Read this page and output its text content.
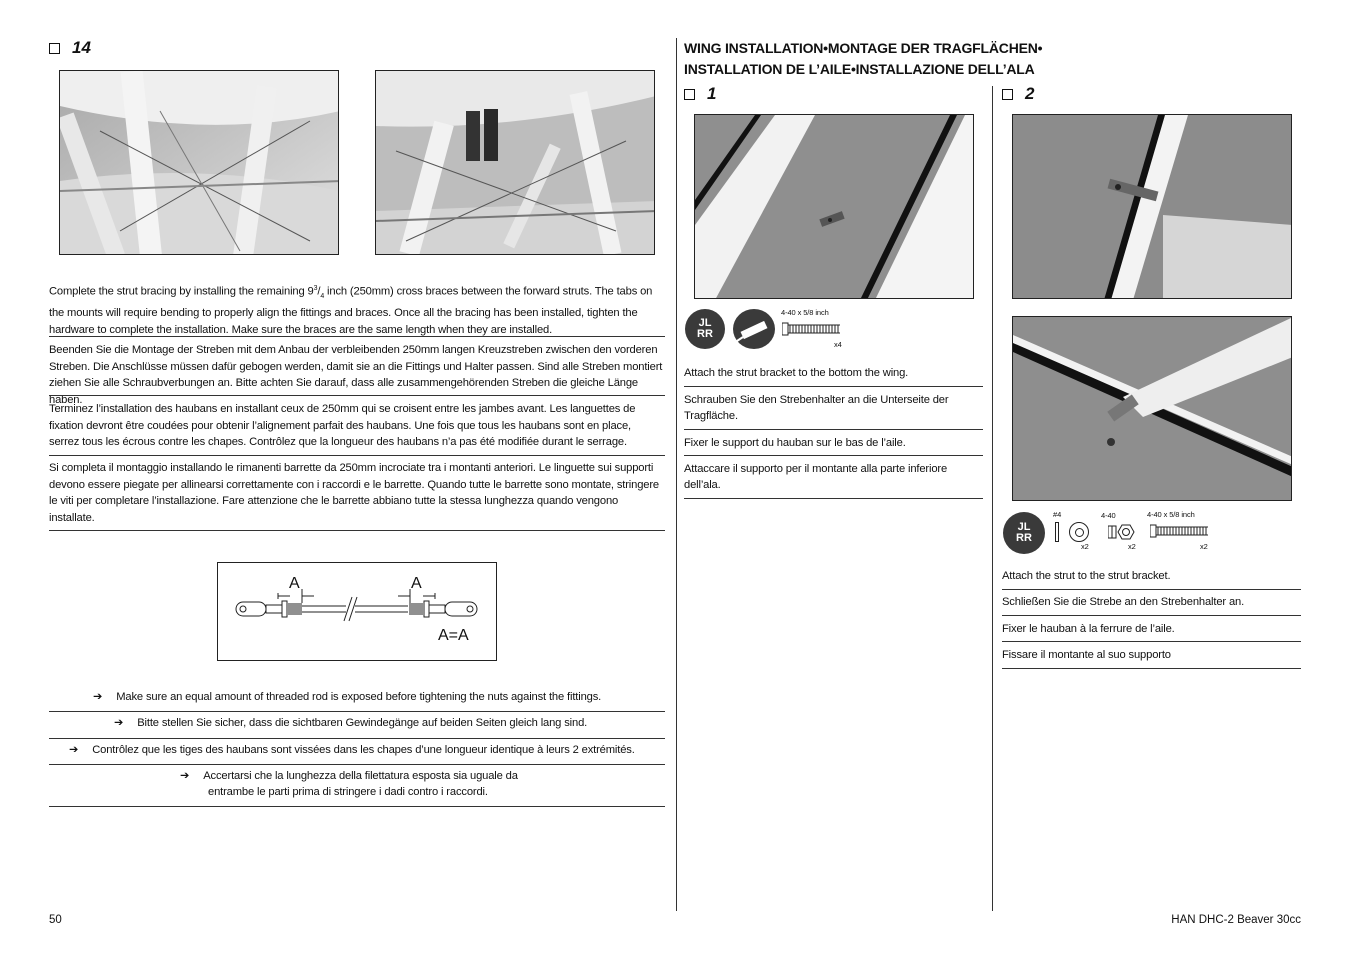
14
Complete the strut bracing by installing the remaining $9^3/_4$ inch (250mm) cross braces between the forward struts. The tabs on the mounts will require bending to properly align the fittings and braces. Once all the bracing has been installed, tighten the hardware to complete the installation. Make sure the braces are the same length when they are installed.
Beenden Sie die Montage der Streben mit dem Anbau der verbleibenden 250mm langen Kreuzstreben zwischen den vorderen Streben. Die Anschlüsse müssen dafür gebogen werden, damit sie an die Fittings und Halter passen. Sind alle Streben montiert ziehen Sie alle Schraubverbungen an. Bitte achten Sie darauf, dass alle zusammengehörenden Streben die gleiche Länge haben.
Terminez l’installation des haubans en installant ceux de 250mm qui se croisent entre les jambes avant. Les languettes de fixation devront être coudées pour obtenir l’alignement parfait des haubans. Une fois que tous les haubans sont en place, serrez tous les écrous contre les chapes. Contrôlez que la longueur des haubans n’a pas été modifiée durant le serrage.
Si completa il montaggio installando le rimanenti barrette da 250mm incrociate tra i montanti anteriori. Le linguette sui supporti devono essere piegate per allinearsi correttamente con i raccordi e le barrette. Quando tutte le barrette sono montate, stringere le viti per completare l’installazione. Fare attenzione che le barrette abbiano tutte la stessa lunghezza quando vengono installate.
A	A
A=A
➔ Make sure an equal amount of threaded rod is exposed before tightening the nuts against the fittings.
➔ Bitte stellen Sie sicher, dass die sichtbaren Gewindegänge auf beiden Seiten gleich lang sind.
➔ Contrôlez que les tiges des haubans sont vissées dans les chapes d’une longueur identique à leurs 2 extrémités.
➔ Accertarsi che la lunghezza della filettatura esposta sia uguale da
entrambe le parti prima di stringere i dadi contro i raccordi.
WING INSTALLATION•MONTAGE DER TRAGFLÄCHEN•
INSTALLATION DE L’AILE•INSTALLAZIONE DELL’ALA
1
JL
RR
4-40 x 5/8 inch
x4
Attach the strut bracket to the bottom the wing.
Schrauben Sie den Strebenhalter an die Unterseite der Tragfläche.
Fixer le support du hauban sur le bas de l’aile.
Attaccare il supporto per il montante alla parte inferiore dell’ala.
2
JL
RR
#4
x2
4-40
x2
4-40 x 5/8 inch
x2
Attach the strut to the strut bracket.
Schließen Sie die Strebe an den Strebenhalter an.
Fixer le hauban à la ferrure de l’aile.
Fissare il montante al suo supporto
50	HAN DHC-2 Beaver 30cc
